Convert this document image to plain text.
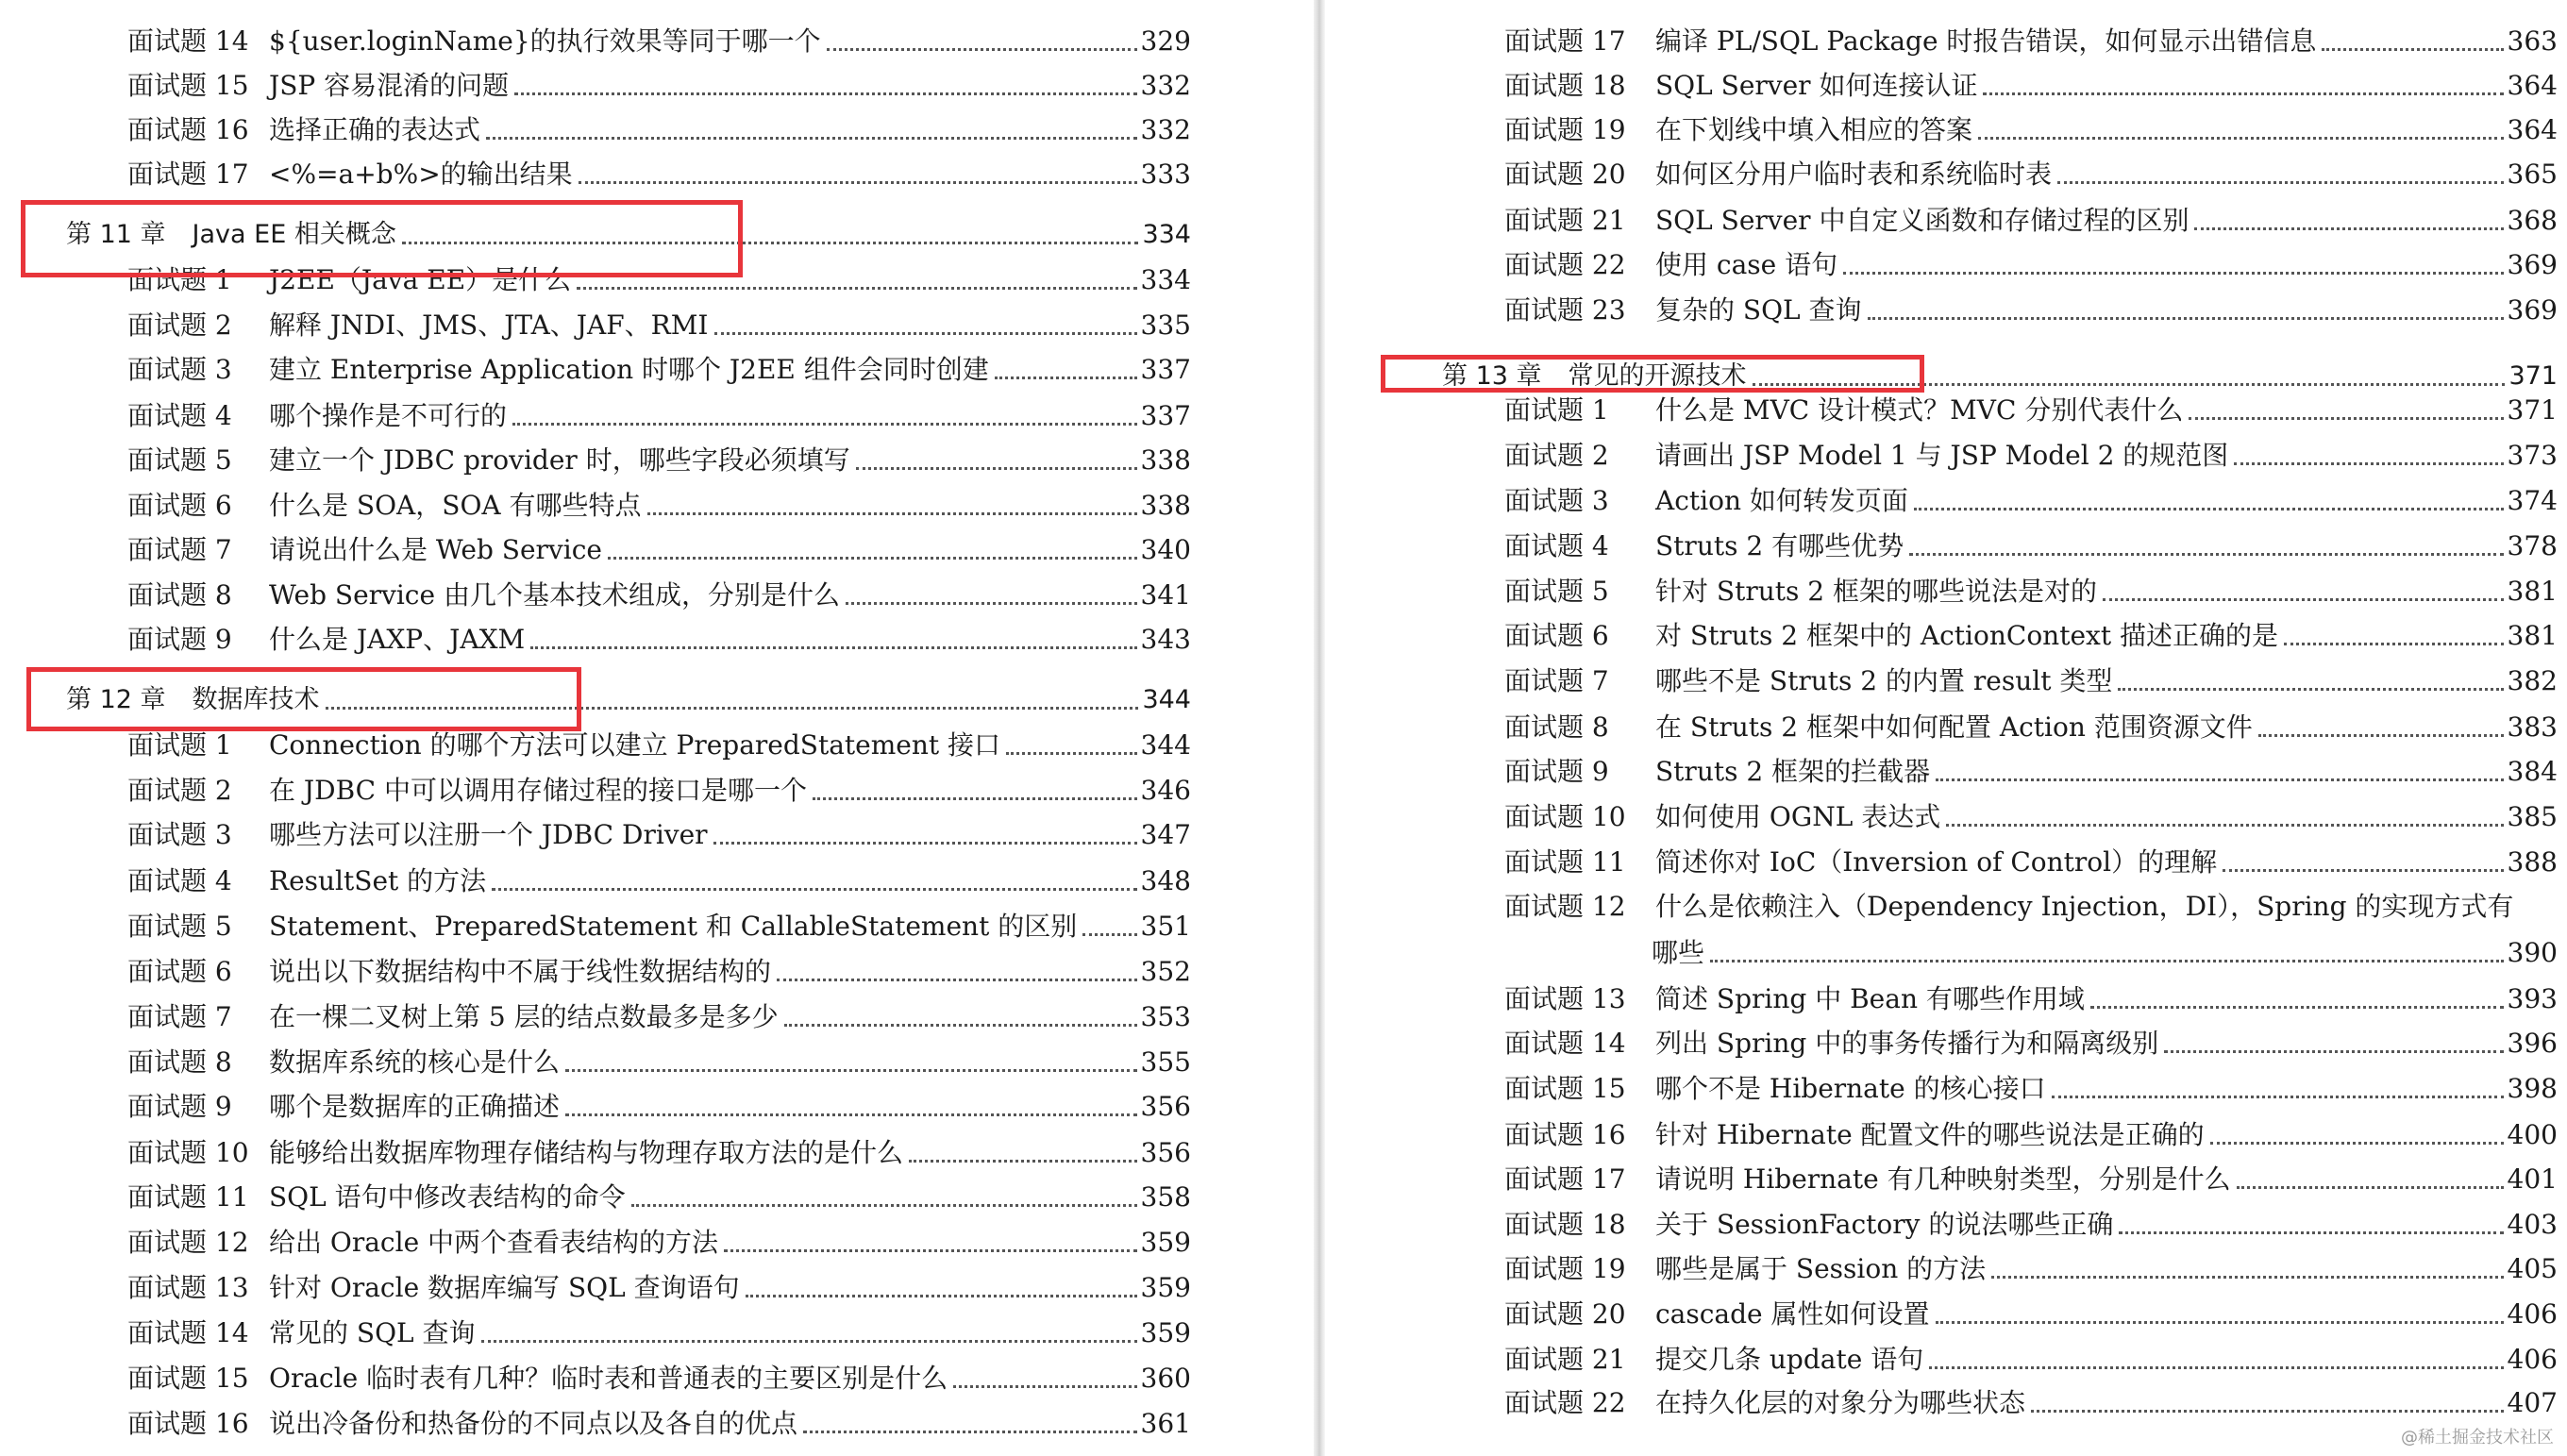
面试题 14 ${user.loginName}的执行效果等同于哪一个	329
面试题 15 JSP 容易混淆的问题	332
面试题 16 选择正确的表达式	332
面试题 17 <%=a+b%>的输出结果	333
第 11 章 Java EE 相关概念	334
面试题 1	J2EE（Java EE）是什么	334
面试题 2	解释 JNDI、JMS、JTA、JAF、RMI	335
面试题 3	建立 Enterprise Application 时哪个 J2EE 组件会同时创建	337
面试题 4	哪个操作是不可行的	337
面试题 5	建立一个 JDBC provider 时，哪些字段必须填写	338
面试题 6	什么是 SOA，SOA 有哪些特点	338
面试题 7	请说出什么是 Web Service	340
面试题 8	Web Service 由几个基本技术组成，分别是什么	341
面试题 9	什么是 JAXP、JAXM	343
第 12 章 数据库技术	344
面试题 1	Connection 的哪个方法可以建立 PreparedStatement 接口	344
面试题 2	在 JDBC 中可以调用存储过程的接口是哪一个	346
面试题 3	哪些方法可以注册一个 JDBC Driver	347
面试题 4	ResultSet 的方法	348
面试题 5	Statement、PreparedStatement 和 CallableStatement 的区别 351
面试题 6	说出以下数据结构中不属于线性数据结构的	352
面试题 7	在一棵二叉树上第 5 层的结点数最多是多少	353
面试题 8	数据库系统的核心是什么	355
面试题 9	哪个是数据库的正确描述	356
面试题 10 能够给出数据库物理存储结构与物理存取方法的是什么	356
面试题 11 SQL 语句中修改表结构的命令	358
面试题 12 给出 Oracle 中两个查看表结构的方法	359
面试题 13 针对 Oracle 数据库编写 SQL 查询语句	359
面试题 14 常见的 SQL 查询	359
面试题 15 Oracle 临时表有几种？临时表和普通表的主要区别是什么	360
面试题 16 说出冷备份和热备份的不同点以及各自的优点	361
面试题 17	编译 PL/SQL Package 时报告错误，如何显示出错信息	363
面试题 18	SQL Server 如何连接认证	364
面试题 19	在下划线中填入相应的答案	364
面试题 20	如何区分用户临时表和系统临时表	365
面试题 21	SQL Server 中自定义函数和存储过程的区别	368
面试题 22	使用 case 语句	369
面试题 23	复杂的 SQL 查询	369
第 13 章 常见的开源技术	371
面试题 1	什么是 MVC 设计模式？MVC 分别代表什么	371
面试题 2	请画出 JSP Model 1 与 JSP Model 2 的规范图	373
面试题 3	Action 如何转发页面	374
面试题 4	Struts 2 有哪些优势	378
面试题 5	针对 Struts 2 框架的哪些说法是对的	381
面试题 6	对 Struts 2 框架中的 ActionContext 描述正确的是	381
面试题 7	哪些不是 Struts 2 的内置 result 类型	382
面试题 8	在 Struts 2 框架中如何配置 Action 范围资源文件	383
面试题 9	Struts 2 框架的拦截器	384
面试题 10	如何使用 OGNL 表达式	385
面试题 11	简述你对 IoC（Inversion of Control）的理解	388
面试题 12	什么是依赖注入（Dependency Injection，DI），Spring 的实现方式有
哪些	390
面试题 13	简述 Spring 中 Bean 有哪些作用域	393
面试题 14	列出 Spring 中的事务传播行为和隔离级别	396
面试题 15	哪个不是 Hibernate 的核心接口	398
面试题 16	针对 Hibernate 配置文件的哪些说法是正确的	400
面试题 17	请说明 Hibernate 有几种映射类型，分别是什么	401
面试题 18	关于 SessionFactory 的说法哪些正确	403
面试题 19	哪些是属于 Session 的方法	405
面试题 20	cascade 属性如何设置	406
面试题 21	提交几条 update 语句	406
面试题 22	在持久化层的对象分为哪些状态	407
@稀土掘金技术社区
